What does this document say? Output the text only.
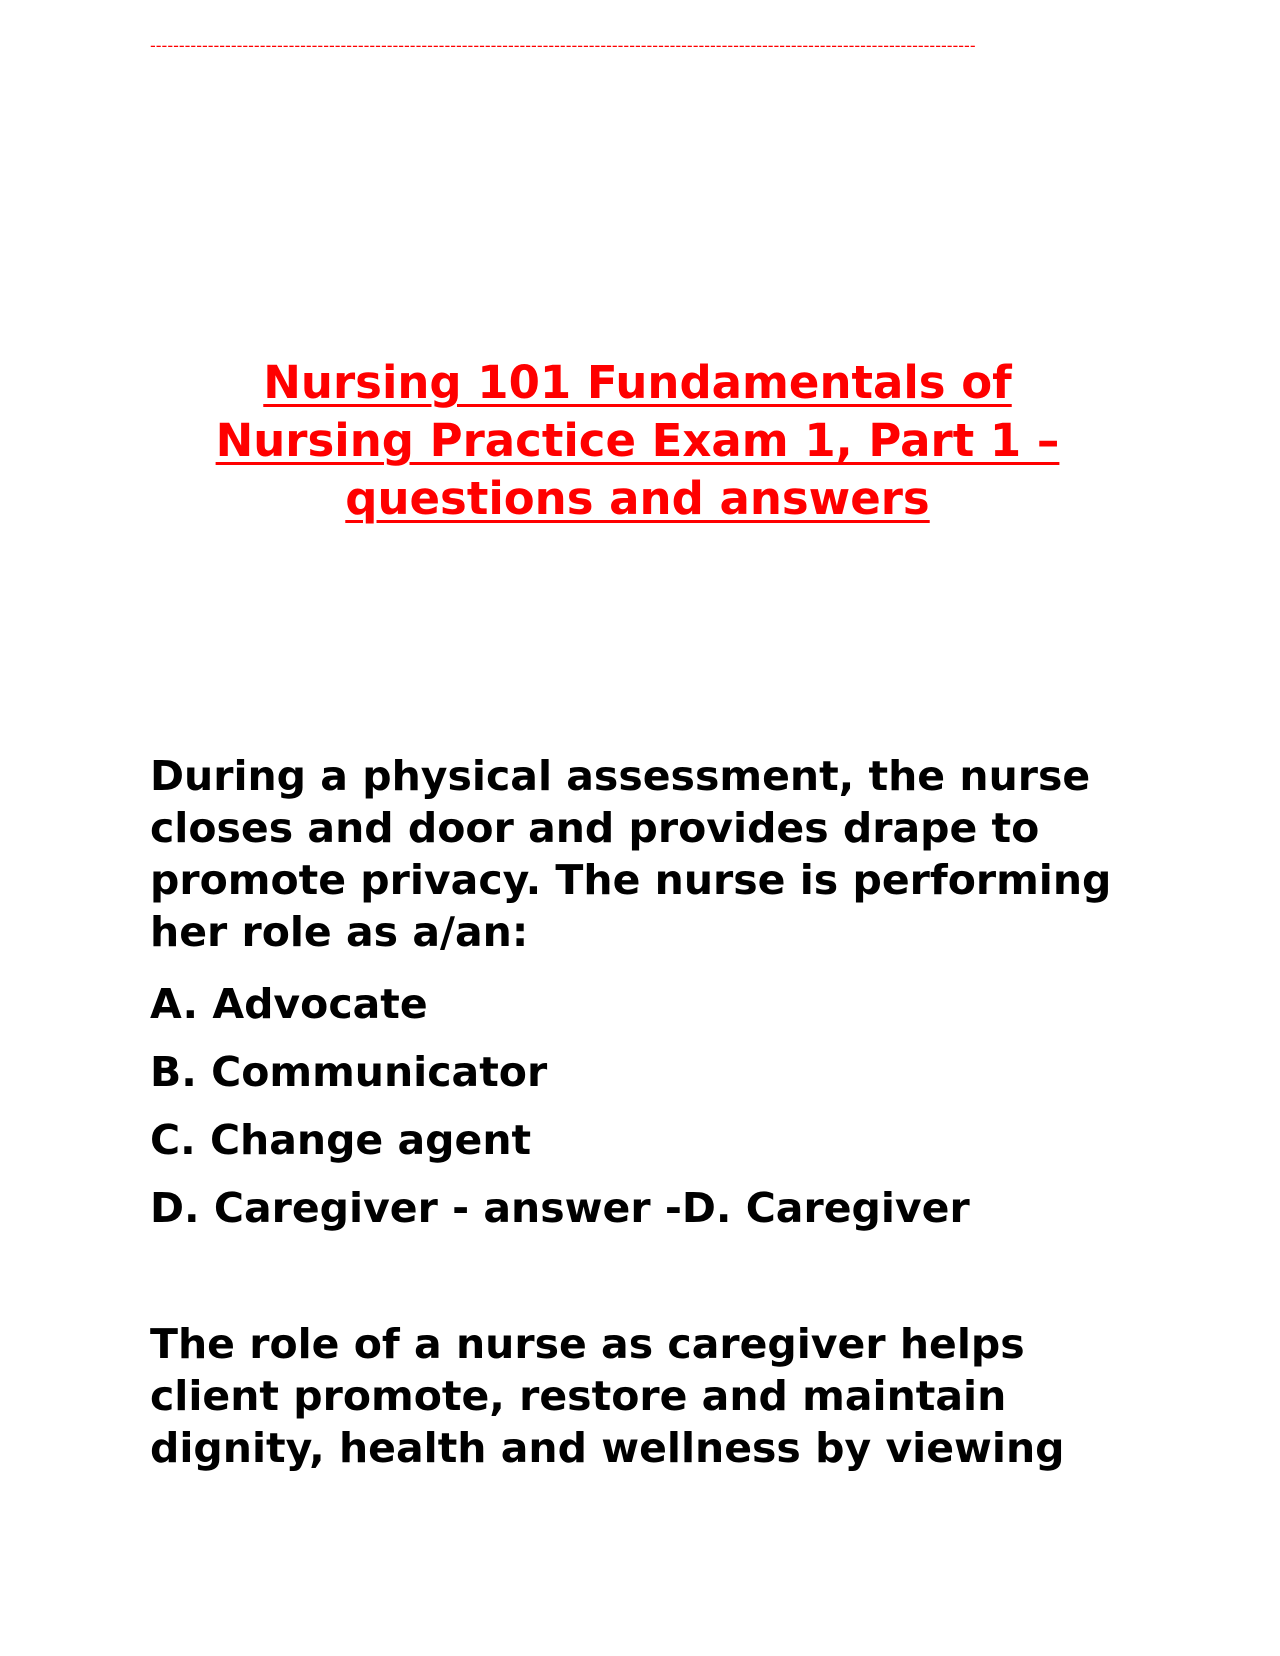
-----------------------------------------------------------------------------------------------------------------------------------------------
Nursing 101 Fundamentals of
Nursing Practice Exam 1, Part 1 –
questions and answers

During a physical assessment, the nurse closes and door and provides drape to promote privacy. The nurse is performing her role as a/an:

A. Advocate
B. Communicator
C. Change agent
D. Caregiver - answer -D. Caregiver

The role of a nurse as caregiver helps client promote, restore and maintain dignity, health and wellness by viewing
